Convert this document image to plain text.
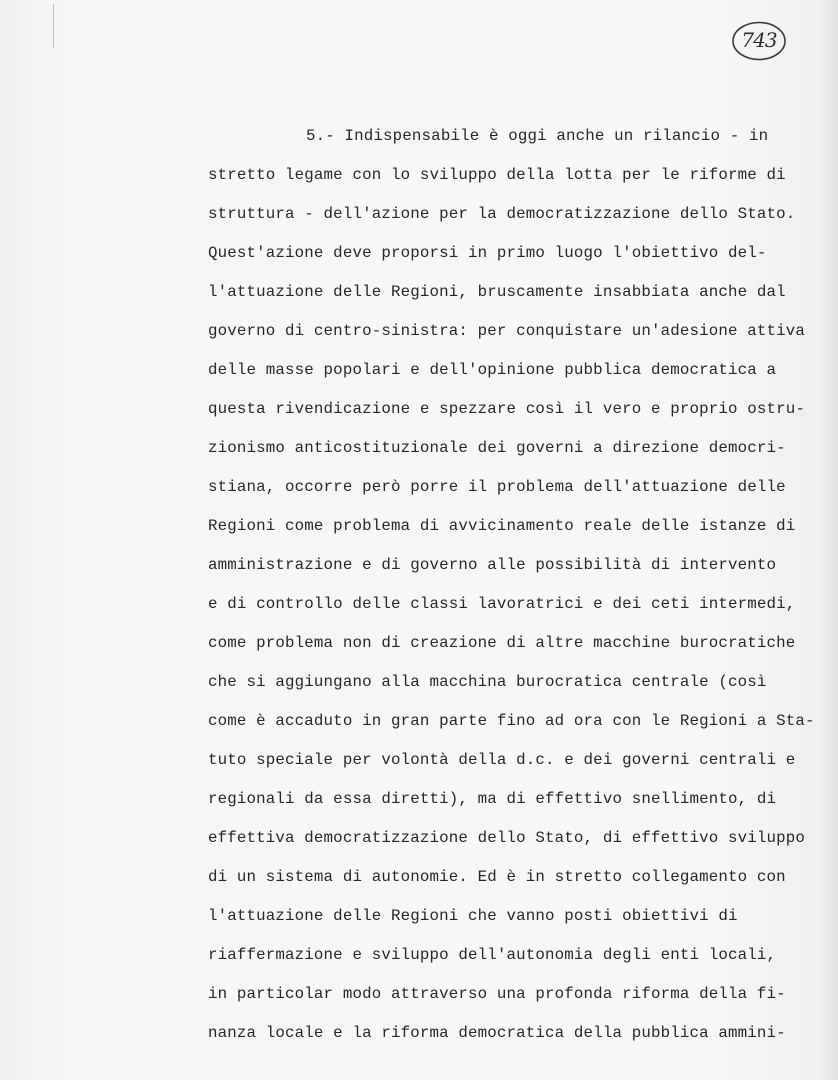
743
5.- Indispensabile è oggi anche un rilancio - in
stretto legame con lo sviluppo della lotta per le riforme di
struttura - dell'azione per la democratizzazione dello Stato.
Quest'azione deve proporsi in primo luogo l'obiettivo del-
l'attuazione delle Regioni, bruscamente insabbiata anche dal
governo di centro-sinistra: per conquistare un'adesione attiva
delle masse popolari e dell'opinione pubblica democratica a
questa rivendicazione e spezzare così il vero e proprio ostru-
zionismo anticostituzionale dei governi a direzione democri-
stiana, occorre però porre il problema dell'attuazione delle
Regioni come problema di avvicinamento reale delle istanze di
amministrazione e di governo alle possibilità di intervento
e di controllo delle classi lavoratrici e dei ceti intermedi,
come problema non di creazione di altre macchine burocratiche
che si aggiungano alla macchina burocratica centrale (così
come è accaduto in gran parte fino ad ora con le Regioni a Sta-
tuto speciale per volontà della d.c. e dei governi centrali e
regionali da essa diretti), ma di effettivo snellimento, di
effettiva democratizzazione dello Stato, di effettivo sviluppo
di un sistema di autonomie. Ed è in stretto collegamento con
l'attuazione delle Regioni che vanno posti obiettivi di
riaffermazione e sviluppo dell'autonomia degli enti locali,
in particolar modo attraverso una profonda riforma della fi-
nanza locale e la riforma democratica della pubblica ammini-
